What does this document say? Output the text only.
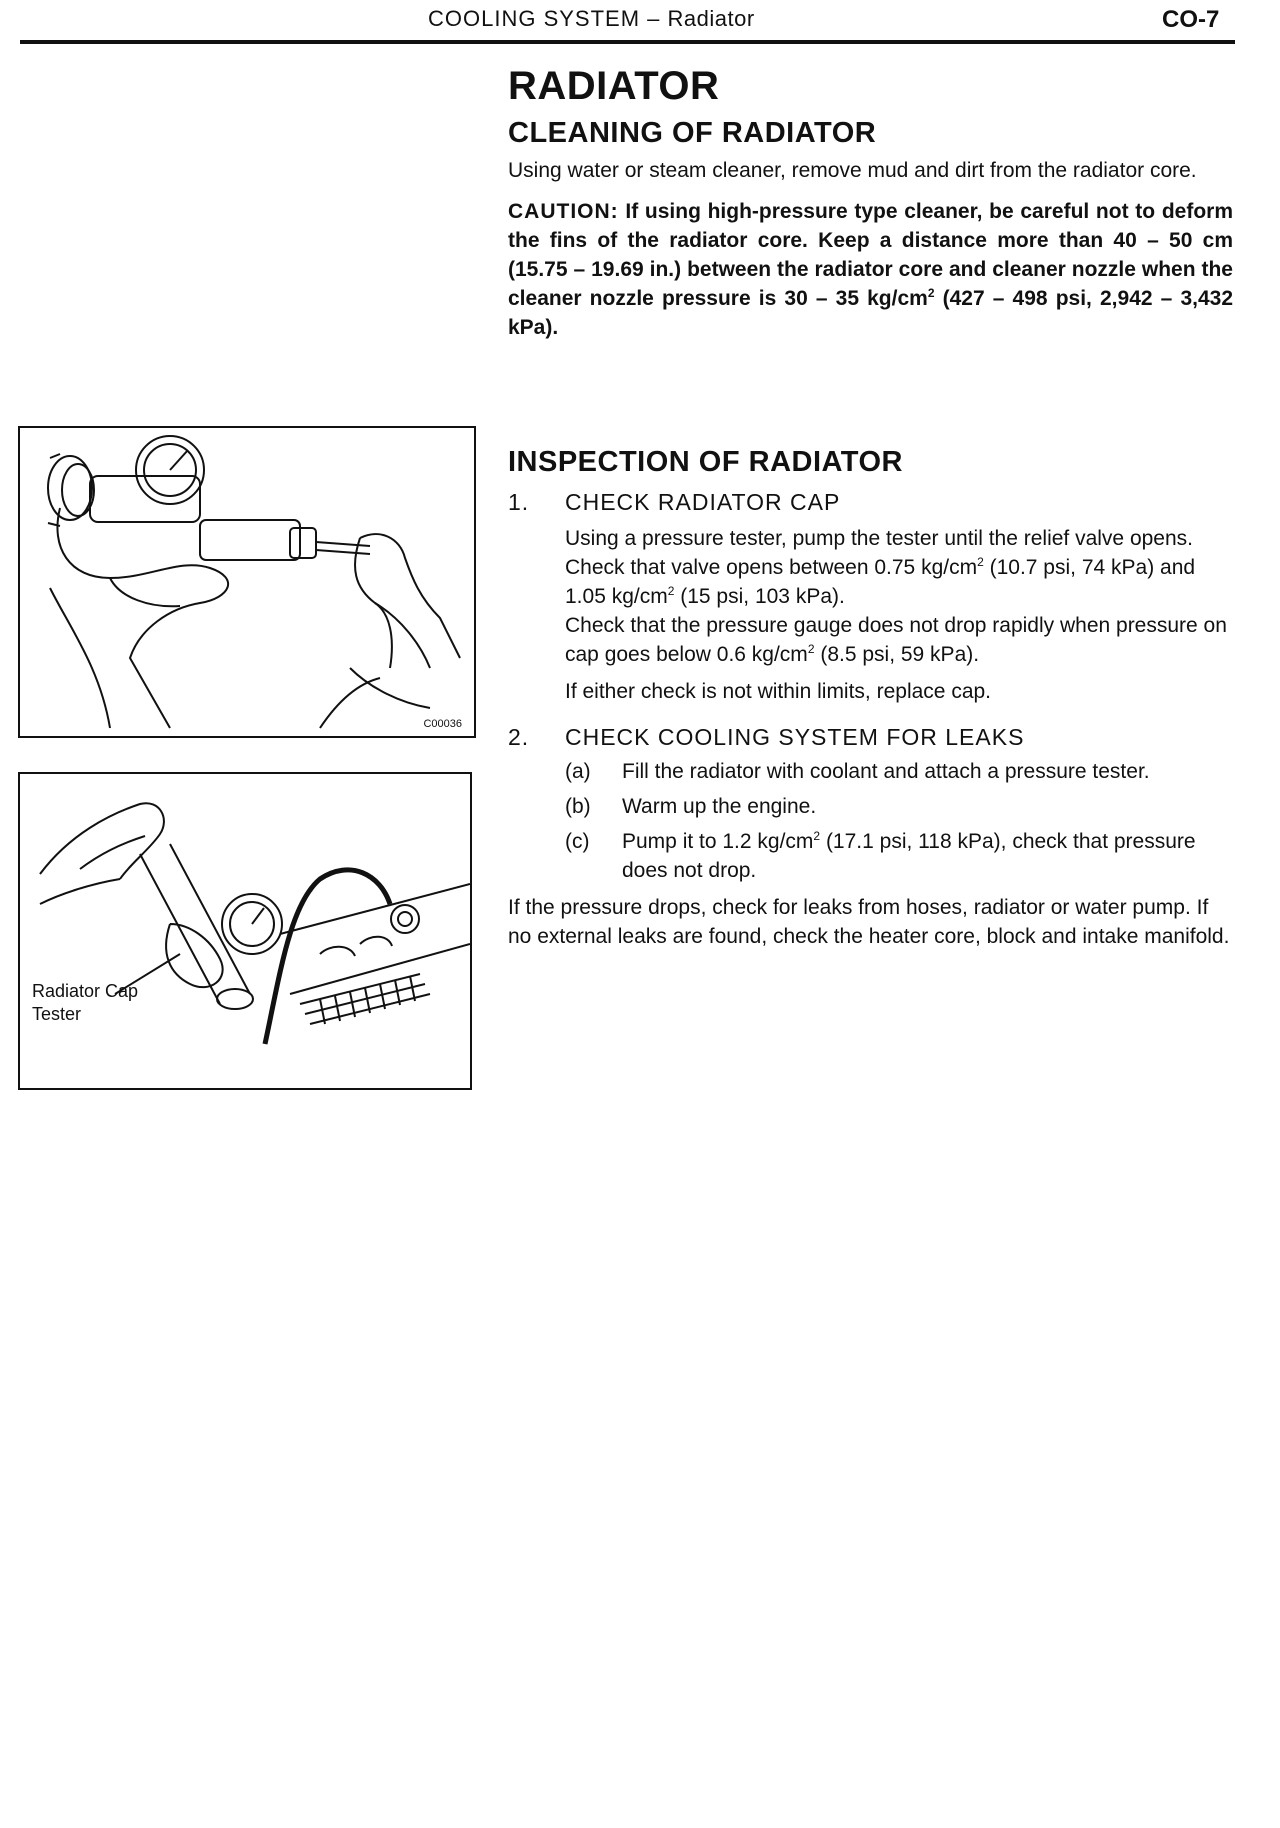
COOLING SYSTEM – Radiator	CO-7
RADIATOR
CLEANING OF RADIATOR

Using water or steam cleaner, remove mud and dirt from the radiator core.

CAUTION: If using high-pressure type cleaner, be careful not to deform the fins of the radiator core. Keep a distance more than 40 – 50 cm (15.75 – 19.69 in.) between the radiator core and cleaner nozzle when the cleaner nozzle pressure is 30 – 35 $kg/cm^2$ (427 – 498 psi, 2,942 – 3,432 kPa).

INSPECTION OF RADIATOR
1.	CHECK RADIATOR CAP

Using a pressure tester, pump the tester until the relief valve opens.

Check that valve opens between 0.75 $kg/cm^2$ (10.7 psi, 74 kPa) and 1.05 $kg/cm^2$ (15 psi, 103 kPa).

Check that the pressure gauge does not drop rapidly when pressure on cap goes below 0.6 $kg/cm^2$ (8.5 psi, 59 kPa).

If either check is not within limits, replace cap.

2.	CHECK COOLING SYSTEM FOR LEAKS
(a)	Fill the radiator with coolant and attach a pressure tester.
(b)	Warm up the engine.
(c)	Pump it to 1.2 $kg/cm^2$ (17.1 psi, 118 kPa), check that pressure does not drop.

If the pressure drops, check for leaks from hoses, radiator or water pump. If no external leaks are found, check the heater core, block and intake manifold.

C00036
Radiator Cap
Tester
